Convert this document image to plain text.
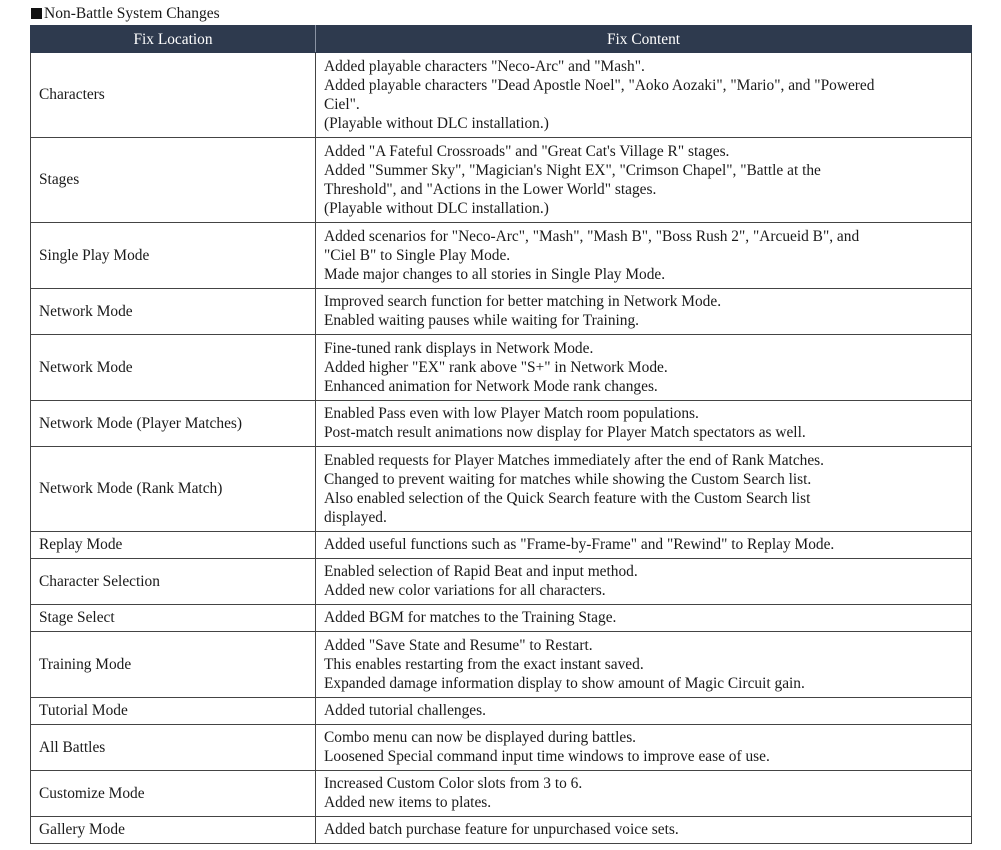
Non-Battle System Changes
Fix Location	Fix Content
Characters	Added playable characters "Neco-Arc" and "Mash".
Added playable characters "Dead Apostle Noel", "Aoko Aozaki", "Mario", and "Powered
Ciel".
(Playable without DLC installation.)

Stages	Added "A Fateful Crossroads" and "Great Cat's Village R" stages.
Added "Summer Sky", "Magician's Night EX", "Crimson Chapel", "Battle at the
Threshold", and "Actions in the Lower World" stages.
(Playable without DLC installation.)

Single Play Mode	Added scenarios for "Neco-Arc", "Mash", "Mash B", "Boss Rush 2", "Arcueid B", and
"Ciel B" to Single Play Mode.
Made major changes to all stories in Single Play Mode.

Network Mode	Improved search function for better matching in Network Mode.
Enabled waiting pauses while waiting for Training.

Network Mode	Fine-tuned rank displays in Network Mode.
Added higher "EX" rank above "S+" in Network Mode.
Enhanced animation for Network Mode rank changes.

Network Mode (Player Matches)	Enabled Pass even with low Player Match room populations.
Post-match result animations now display for Player Match spectators as well.

Network Mode (Rank Match)	Enabled requests for Player Matches immediately after the end of Rank Matches.
Changed to prevent waiting for matches while showing the Custom Search list.
Also enabled selection of the Quick Search feature with the Custom Search list
displayed.

Replay Mode	Added useful functions such as "Frame-by-Frame" and "Rewind" to Replay Mode.

Character Selection	Enabled selection of Rapid Beat and input method.
Added new color variations for all characters.

Stage Select	Added BGM for matches to the Training Stage.

Training Mode	Added "Save State and Resume" to Restart.
This enables restarting from the exact instant saved.
Expanded damage information display to show amount of Magic Circuit gain.

Tutorial Mode	Added tutorial challenges.

All Battles	Combo menu can now be displayed during battles.
Loosened Special command input time windows to improve ease of use.

Customize Mode	Increased Custom Color slots from 3 to 6.
Added new items to plates.

Gallery Mode	Added batch purchase feature for unpurchased voice sets.
